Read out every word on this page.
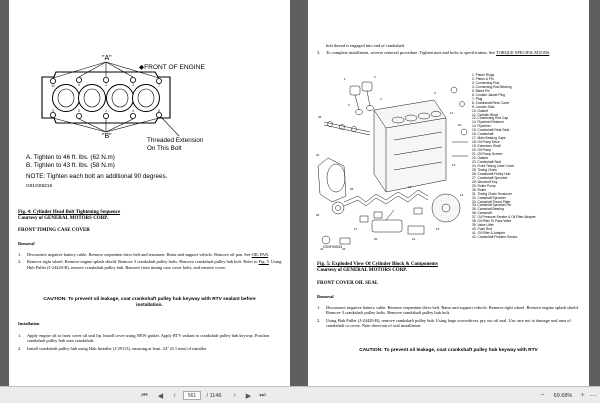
10	6	2	3	7
9	5	1	4	8
"A"
"B"
◆FRONT OF ENGINE
Threaded Extension
On This Bolt
A. Tighten to 46 ft. lbs. (62 N.m)
B. Tighten to 43 ft. lbs. (58 N.m)
NOTE: Tighten each bolt an additional 90 degrees.
G91G08216
Fig. 4: Cylinder Head Bolt Tightening Sequence
Courtesy of GENERAL MOTORS CORP.
FRONT TIMING CASE COVER
Removal
1.	Disconnect negative battery cable. Remove serpentine drive belt and tensioner. Raise and support vehicle. Remove oil pan. See OIL PAN.
2.	Remove right wheel. Remove engine splash shield. Remove 3 crankshaft pulley bolts. Remove crankshaft pulley hub bolt. Refer to Fig. 5. Using Hub Puller (J-24420-B), remove crankshaft pulley hub. Remove front timing case cover bolts, and remove cover.
CAUTION: To prevent oil leakage, coat crankshaft pulley hub keyway with RTV sealant before installation.
Installation
1.	Apply engine oil to front cover oil seal lip. Install cover using NEW gasket. Apply RTV sealant to crankshaft pulley hub keyway. Position crankshaft pulley hub onto crankshaft.
2.	Install crankshaft pulley hub using Hub Installer (J-29113), ensuring at least .24" (6.1 mm) of installer
bolt thread is engaged into end of crankshaft.
3.	To complete installation, reverse removal procedure. Tighten nuts and bolts to specification. See TORQUE SPECIFICATIONS.
1	2
3
4
36
9
11
10
13
14
15
16
20	21
24
26
25
17
41	42
G94F00534
1. Piston Rings
2. Piston & Pin
3. Connecting Rod
4. Connecting Rod Bearing
5. Bleed Pin
6. Coolant Jacket Plug
7. Plug
8. Crankshaft Rear Cover
9. Locator Stud
10. Gasket
11. Cylinder Block
12. Connecting Rod Cap
13. Flywheel Retainer
14. Flywheel
15. Crankshaft Rear Seal
16. Crankshaft
17. Main Bearing Caps
18. Oil Pump Drive
19. Extension Shaft
20. Oil Pump
21. Oil Pump Screen
22. Gasket
23. Crankshaft Seal
24. Front Timing Case Cover
25. Timing Chain
26. Crankshaft Pulley Hub
27. Crankshaft Sprocket
28. Woodruff Key
29. Roller Pump
30. Roller
31. Timing Chain Tensioner
32. Camshaft Sprocket
33. Camshaft Thrust Plate
34. Camshaft Sprocket Pin
35. Camshaft Bearing
36. Camshaft
37. Oil Pressure Sender & Oil Filter Adapter
38. Oil Filter To Pass Valve
39. Valve Lifter
40. Push Rod
41. Oil Filter & Adapter
42. Crankshaft Position Sensor
Fig. 5: Exploded View Of Cylinder Block & Components
Courtesy of GENERAL MOTORS CORP.
FRONT COVER OIL SEAL
Removal
1.	Disconnect negative battery cable. Remove serpentine drive belt. Raise and support vehicle. Remove right wheel. Remove engine splash shield. Remove 3 crankshaft pulley bolts. Remove crankshaft pulley hub bolt.
2.	Using Hub Puller (J-24420-B), remove crankshaft pulley hub. Using large screwdriver, pry out oil seal. Use care not to damage seal area of crankshaft or cover. Note direction of seal installation.
CAUTION: To prevent oil leakage, coat crankshaft pulley hub keyway with RTV
⏮ ◀	‹	561	/ 1146	›	▶ ⏭	−	69.68%	+ ⋯
